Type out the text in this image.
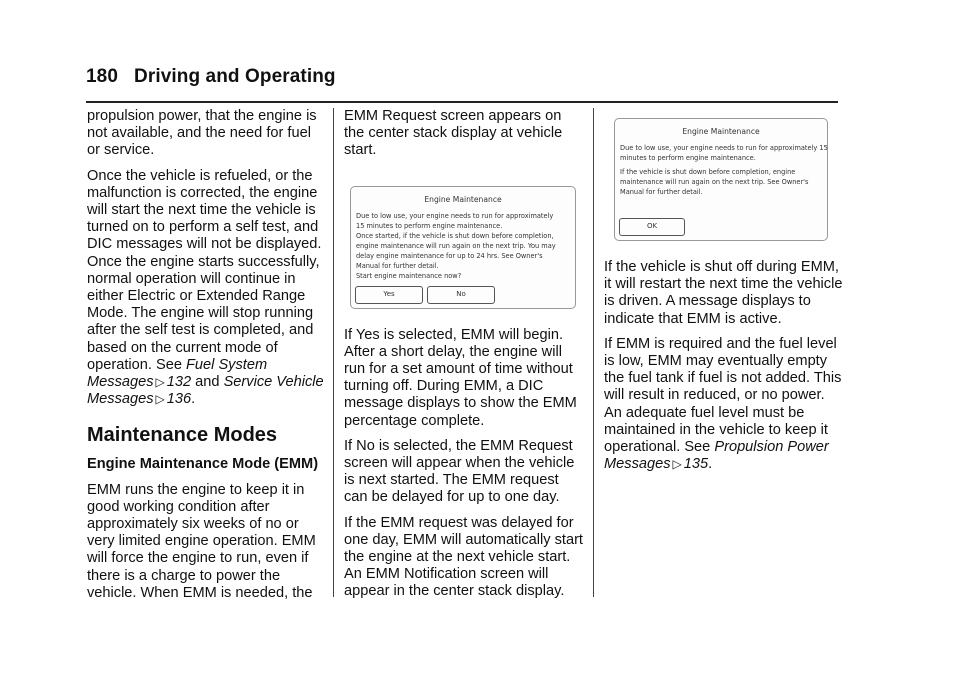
180 Driving and Operating

propulsion power, that the engine is not available, and the need for fuel or service.

Once the vehicle is refueled, or the malfunction is corrected, the engine will start the next time the vehicle is turned on to perform a self test, and DIC messages will not be displayed. Once the engine starts successfully, normal operation will continue in either Electric or Extended Range Mode. The engine will stop running after the self test is completed, and based on the current mode of operation. See Fuel System Messages ▷ 132 and Service Vehicle Messages ▷ 136.

Maintenance Modes
Engine Maintenance Mode (EMM)

EMM runs the engine to keep it in good working condition after approximately six weeks of no or very limited engine operation. EMM will force the engine to run, even if there is a charge to power the vehicle. When EMM is needed, the

EMM Request screen appears on the center stack display at vehicle start.

Engine Maintenance
Due to low use, your engine needs to run for approximately
15 minutes to perform engine maintenance.
Once started, if the vehicle is shut down before completion,
engine maintenance will run again on the next trip. You may
delay engine maintenance for up to 24 hrs. See Owner's
Manual for further detail.
Start engine maintenance now?
Yes	No

If Yes is selected, EMM will begin. After a short delay, the engine will run for a set amount of time without turning off. During EMM, a DIC message displays to show the EMM percentage complete.

If No is selected, the EMM Request screen will appear when the vehicle is next started. The EMM request can be delayed for up to one day.

If the EMM request was delayed for one day, EMM will automatically start the engine at the next vehicle start. An EMM Notification screen will appear in the center stack display.

Engine Maintenance
Due to low use, your engine needs to run for approximately 15
minutes to perform engine maintenance.
If the vehicle is shut down before completion, engine
maintenance will run again on the next trip. See Owner's
Manual for further detail.
OK

If the vehicle is shut off during EMM, it will restart the next time the vehicle is driven. A message displays to indicate that EMM is active.

If EMM is required and the fuel level is low, EMM may eventually empty the fuel tank if fuel is not added. This will result in reduced, or no power. An adequate fuel level must be maintained in the vehicle to keep it operational. See Propulsion Power Messages ▷ 135.
